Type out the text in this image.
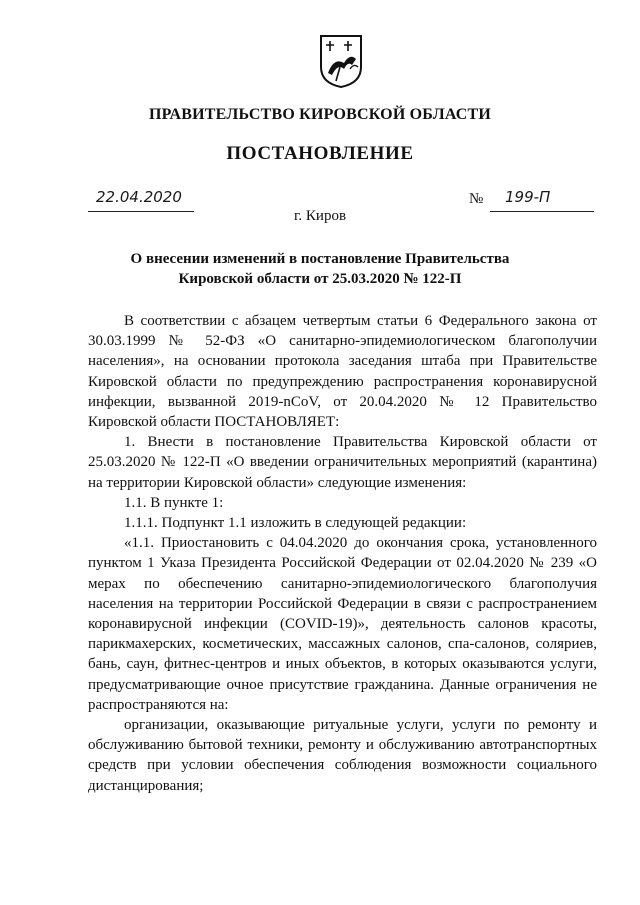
ПРАВИТЕЛЬСТВО КИРОВСКОЙ ОБЛАСТИ
ПОСТАНОВЛЕНИЕ
22.04.2020	№ 199-П
г. Киров
О внесении изменений в постановление Правительства
Кировской области от 25.03.2020 № 122-П

В соответствии с абзацем четвертым статьи 6 Федерального закона от 30.03.1999 № 52-ФЗ «О санитарно-эпидемиологическом благополучии населения», на основании протокола заседания штаба при Правительстве Кировской области по предупреждению распространения коронавирусной инфекции, вызванной 2019-nCoV, от 20.04.2020 № 12 Правительство Кировской области ПОСТАНОВЛЯЕТ:

1. Внести в постановление Правительства Кировской области от 25.03.2020 № 122-П «О введении ограничительных мероприятий (карантина) на территории Кировской области» следующие изменения:

1.1. В пункте 1:

1.1.1. Подпункт 1.1 изложить в следующей редакции:

«1.1. Приостановить с 04.04.2020 до окончания срока, установленного пунктом 1 Указа Президента Российской Федерации от 02.04.2020 № 239 «О мерах по обеспечению санитарно-эпидемиологического благополучия населения на территории Российской Федерации в связи с распространением коронавирусной инфекции (COVID-19)», деятельность салонов красоты, парикмахерских, косметических, массажных салонов, спа-салонов, соляриев, бань, саун, фитнес-центров и иных объектов, в которых оказываются услуги, предусматривающие очное присутствие гражданина. Данные ограничения не распространяются на:

организации, оказывающие ритуальные услуги, услуги по ремонту и обслуживанию бытовой техники, ремонту и обслуживанию автотранспортных средств при условии обеспечения соблюдения возможности социального дистанцирования;
